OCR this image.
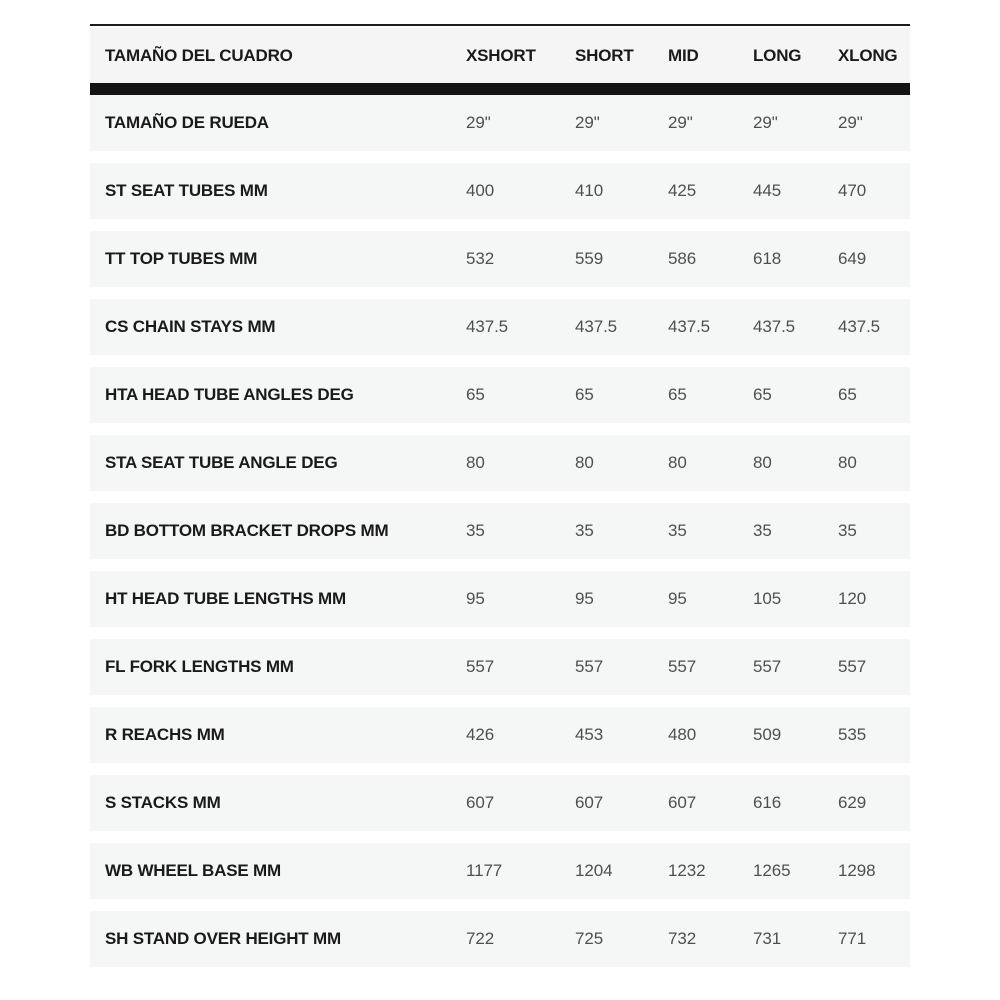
TAMAÑO DEL CUADRO	XSHORT	SHORT	MID	LONG	XLONG
TAMAÑO DE RUEDA	29"	29"	29"	29"	29"
ST SEAT TUBES MM	400	410	425	445	470
TT TOP TUBES MM	532	559	586	618	649
CS CHAIN STAYS MM	437.5	437.5	437.5	437.5	437.5
HTA HEAD TUBE ANGLES DEG	65	65	65	65	65
STA SEAT TUBE ANGLE DEG	80	80	80	80	80
BD BOTTOM BRACKET DROPS MM	35	35	35	35	35
HT HEAD TUBE LENGTHS MM	95	95	95	105	120
FL FORK LENGTHS MM	557	557	557	557	557
R REACHS MM	426	453	480	509	535
S STACKS MM	607	607	607	616	629
WB WHEEL BASE MM	1177	1204	1232	1265	1298
SH STAND OVER HEIGHT MM	722	725	732	731	771
